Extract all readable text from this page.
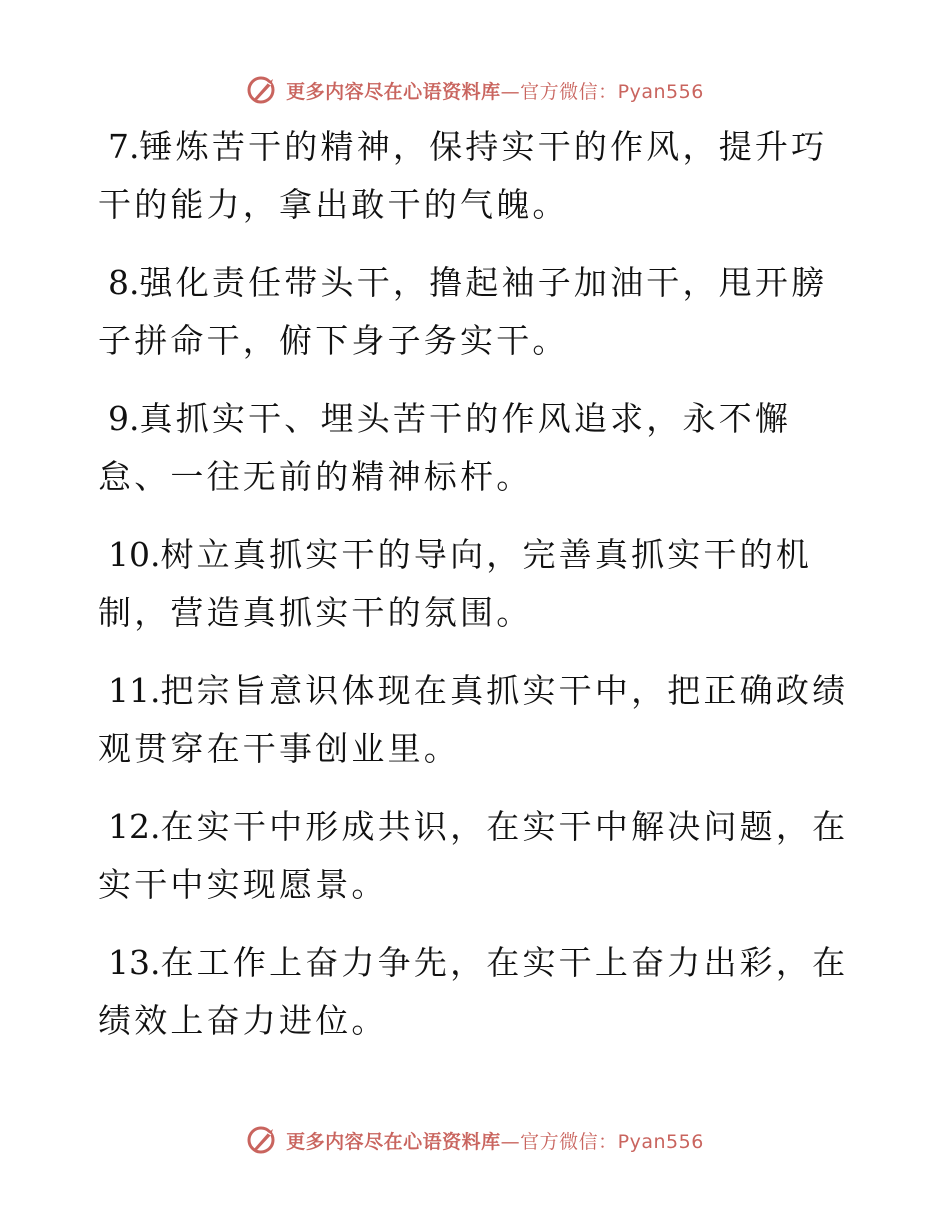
更多内容尽在心语资料库—官方微信：Pyan556

7.锤炼苦干的精神，保持实干的作风，提升巧干的能力，拿出敢干的气魄。

8.强化责任带头干，撸起袖子加油干，甩开膀子拼命干，俯下身子务实干。

9.真抓实干、埋头苦干的作风追求，永不懈怠、一往无前的精神标杆。

10.树立真抓实干的导向，完善真抓实干的机制，营造真抓实干的氛围。

11.把宗旨意识体现在真抓实干中，把正确政绩观贯穿在干事创业里。

12.在实干中形成共识，在实干中解决问题，在实干中实现愿景。

13.在工作上奋力争先，在实干上奋力出彩，在绩效上奋力进位。

更多内容尽在心语资料库—官方微信：Pyan556
